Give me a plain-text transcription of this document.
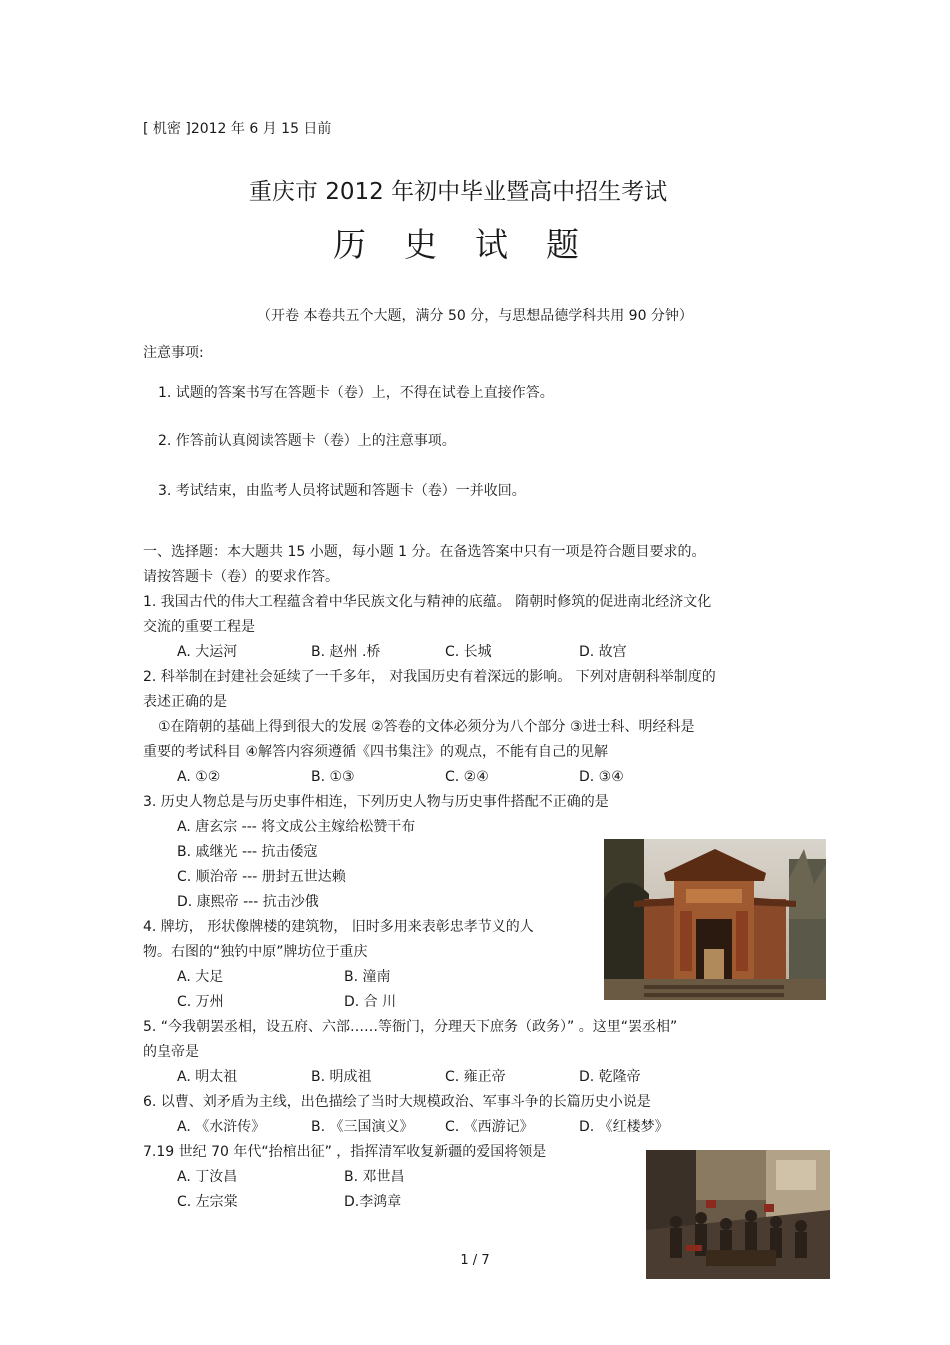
[ 机密 ]2012 年 6 月 15 日前
重庆市 2012 年初中毕业暨高中招生考试
历史试题
（开卷 本卷共五个大题，满分 50 分，与思想品德学科共用 90 分钟）
注意事项:
1. 试题的答案书写在答题卡（卷）上，不得在试卷上直接作答。
2. 作答前认真阅读答题卡（卷）上的注意事项。
3. 考试结束，由监考人员将试题和答题卡（卷）一并收回。
一、选择题：本大题共 15 小题，每小题 1 分。在备选答案中只有一项是符合题目要求的。
请按答题卡（卷）的要求作答。
1. 我国古代的伟大工程蕴含着中华民族文化与精神的底蕴。 隋朝时修筑的促进南北经济文化
交流的重要工程是
A. 大运河	B. 赵州 .桥	C. 长城	D. 故宫
2. 科举制在封建社会延续了一千多年， 对我国历史有着深远的影响。 下列对唐朝科举制度的
表述正确的是
①在隋朝的基础上得到很大的发展 ②答卷的文体必须分为八个部分 ③进士科、明经科是
重要的考试科目 ④解答内容须遵循《四书集注》的观点，不能有自己的见解
A. ①②	B. ①③	C. ②④	D. ③④
3. 历史人物总是与历史事件相连，下列历史人物与历史事件搭配不正确的是
A. 唐玄宗 --- 将文成公主嫁给松赞干布
B. 戚继光 --- 抗击倭寇
C. 顺治帝 --- 册封五世达赖
D. 康熙帝 --- 抗击沙俄
4. 牌坊， 形状像牌楼的建筑物， 旧时多用来表彰忠孝节义的人
物。右图的“独钓中原”牌坊位于重庆
A. 大足	B. 潼南
C. 万州	D. 合 川
5. “今我朝罢丞相，设五府、六部……等衙门，分理天下庶务（政务）” 。这里“罢丞相”
的皇帝是
A. 明太祖	B. 明成祖	C. 雍正帝	D. 乾隆帝
6. 以曹、刘矛盾为主线，出色描绘了当时大规模政治、军事斗争的长篇历史小说是
A. 《水浒传》	B. 《三国演义》 C. 《西游记》	D. 《红楼梦》
7.19 世纪 70 年代“抬棺出征” ，指挥清军收复新疆的爱国将领是
A. 丁汝昌	B. 邓世昌
C. 左宗棠	D.李鸿章
1 / 7
